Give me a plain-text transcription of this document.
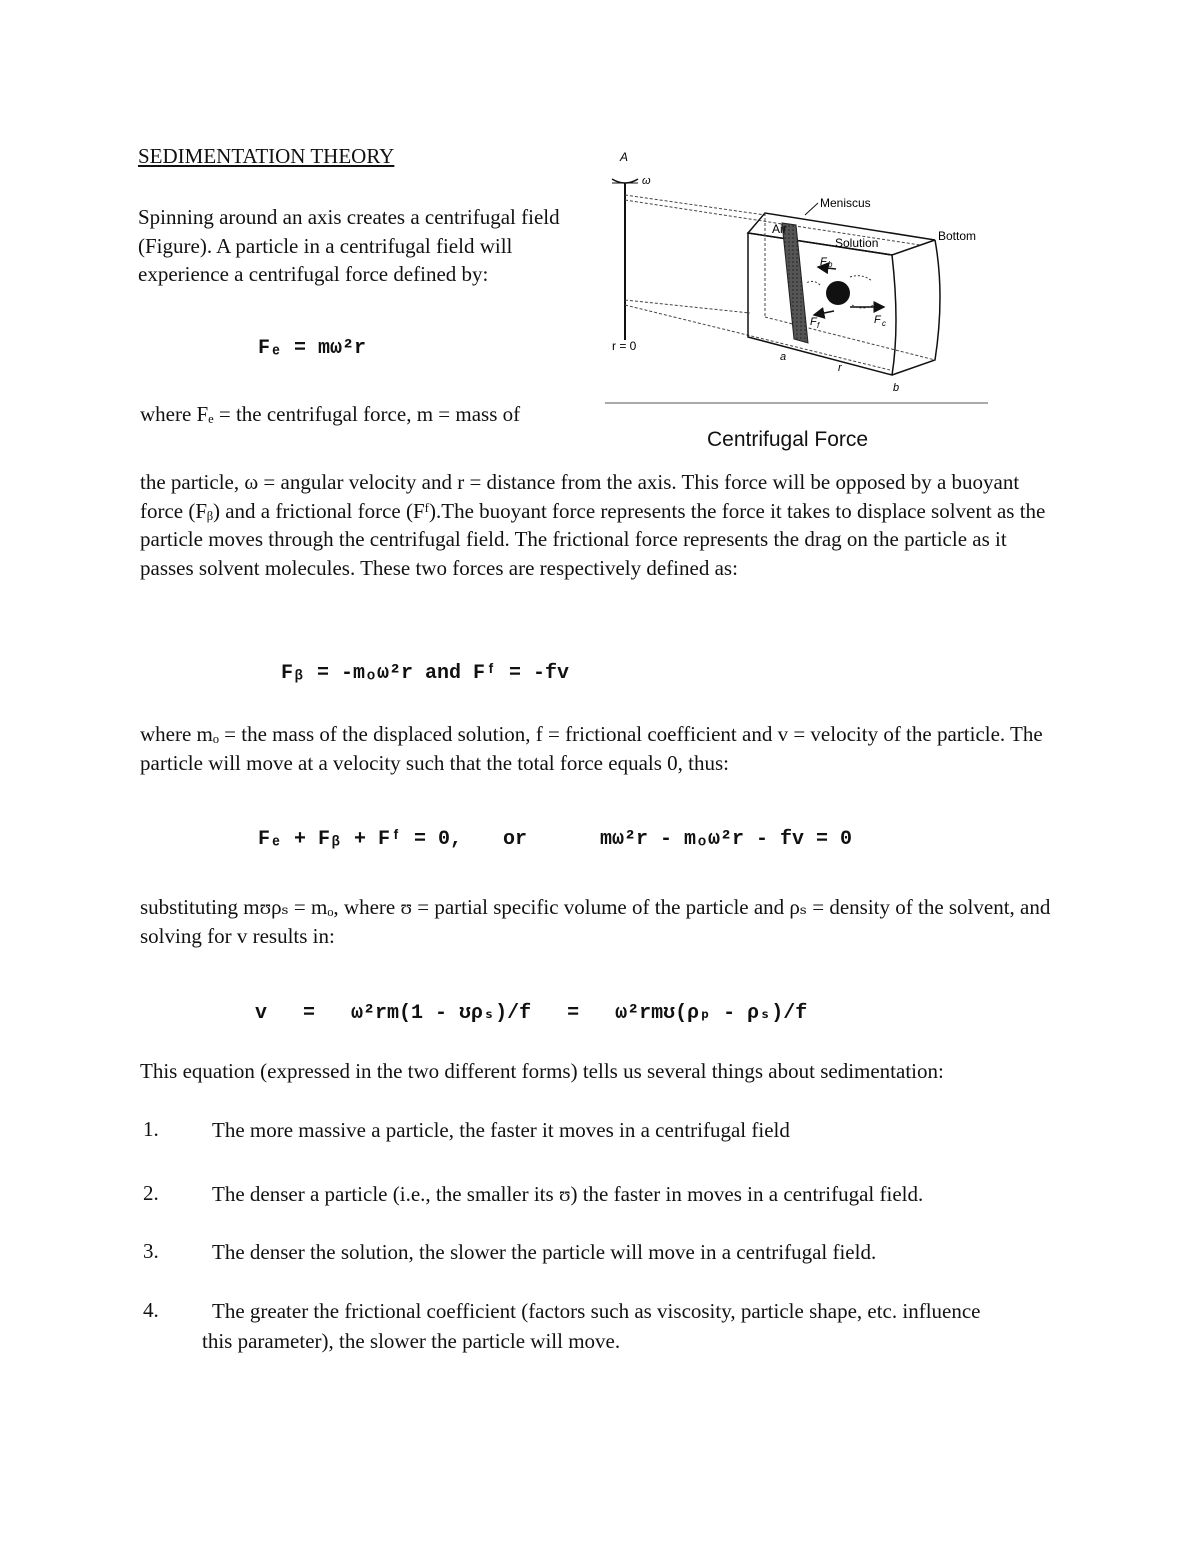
SEDIMENTATION THEORY

Spinning around an axis creates a centrifugal field (Figure). A particle in a centrifugal field will experience a centrifugal force defined by:

Fₑ = mω²r
where Fₑ = the centrifugal force, m = mass of
A
ω
r = 0
Meniscus
Air
Solution	Bottom
F b
F f	F c
a
r
b
Centrifugal Force

the particle, ω = angular velocity and r = distance from the axis. This force will be opposed by a buoyant force (Fᵦ) and a frictional force (Fᶠ).The buoyant force represents the force it takes to displace solvent as the particle moves through the centrifugal field. The frictional force represents the drag on the particle as it passes solvent molecules. These two forces are respectively defined as:

Fᵦ = -mₒω²r and Fᶠ = -fv

where mₒ = the mass of the displaced solution, f = frictional coefficient and v = velocity of the particle. The particle will move at a velocity such that the total force equals 0, thus:

Fₑ + Fᵦ + Fᶠ = 0, or	mω²r - mₒω²r - fv = 0

substituting mʊρₛ = mₒ, where ʊ = partial specific volume of the particle and ρₛ = density of the solvent, and solving for v results in:

v   =   ω²rm(1 - ʊρₛ)/f   =   ω²rmʊ(ρₚ - ρₛ)/f
This equation (expressed in the two different forms) tells us several things about sedimentation:
1.	The more massive a particle, the faster it moves in a centrifugal field
2.	The denser a particle (i.e., the smaller its ʊ) the faster in moves in a centrifugal field.
3.	The denser the solution, the slower the particle will move in a centrifugal field.
4.	The greater the frictional coefficient (factors such as viscosity, particle shape, etc. influence this parameter), the slower the particle will move.
